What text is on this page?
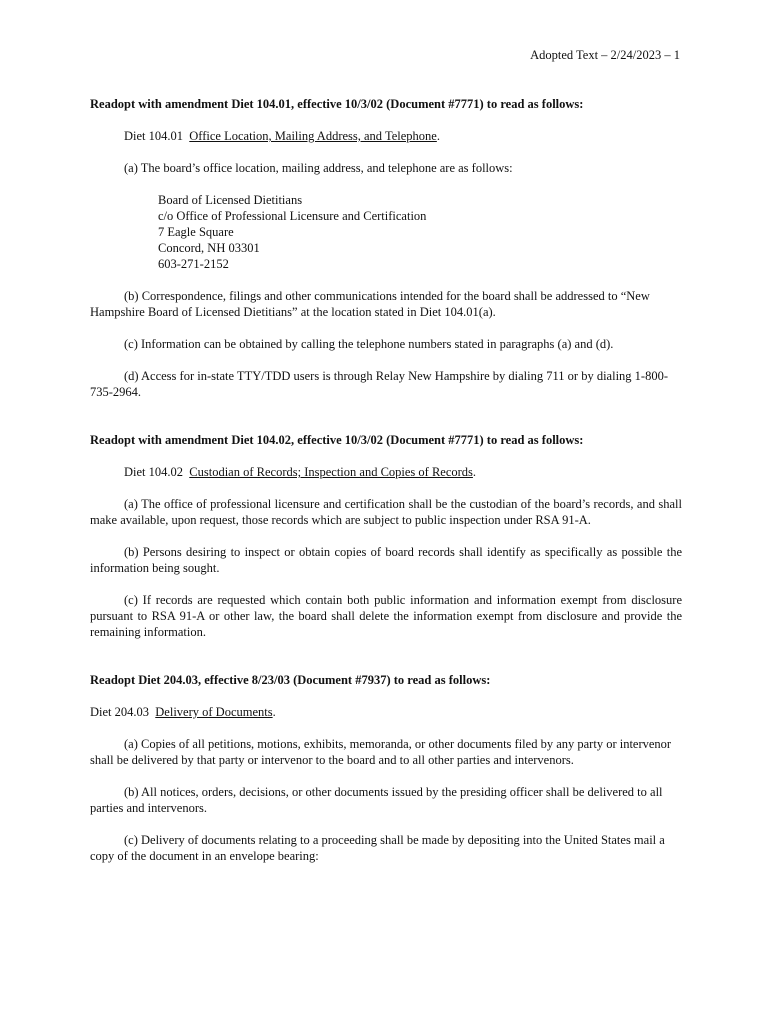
Adopted Text – 2/24/2023 – 1

Readopt with amendment Diet 104.01, effective 10/3/02 (Document #7771) to read as follows:

Diet 104.01 Office Location, Mailing Address, and Telephone.

(a) The board’s office location, mailing address, and telephone are as follows:

Board of Licensed Dietitians
c/o Office of Professional Licensure and Certification
7 Eagle Square
Concord, NH 03301
603-271-2152

(b) Correspondence, filings and other communications intended for the board shall be addressed to “New Hampshire Board of Licensed Dietitians” at the location stated in Diet 104.01(a).

(c) Information can be obtained by calling the telephone numbers stated in paragraphs (a) and (d).

(d) Access for in-state TTY/TDD users is through Relay New Hampshire by dialing 711 or by dialing 1-800-735-2964.

Readopt with amendment Diet 104.02, effective 10/3/02 (Document #7771) to read as follows:

Diet 104.02 Custodian of Records; Inspection and Copies of Records.

(a) The office of professional licensure and certification shall be the custodian of the board’s records, and shall make available, upon request, those records which are subject to public inspection under RSA 91-A.

(b) Persons desiring to inspect or obtain copies of board records shall identify as specifically as possible the information being sought.

(c) If records are requested which contain both public information and information exempt from disclosure pursuant to RSA 91-A or other law, the board shall delete the information exempt from disclosure and provide the remaining information.

Readopt Diet 204.03, effective 8/23/03 (Document #7937) to read as follows:

Diet 204.03 Delivery of Documents.

(a) Copies of all petitions, motions, exhibits, memoranda, or other documents filed by any party or intervenor shall be delivered by that party or intervenor to the board and to all other parties and intervenors.

(b) All notices, orders, decisions, or other documents issued by the presiding officer shall be delivered to all parties and intervenors.

(c) Delivery of documents relating to a proceeding shall be made by depositing into the United States mail a copy of the document in an envelope bearing:
